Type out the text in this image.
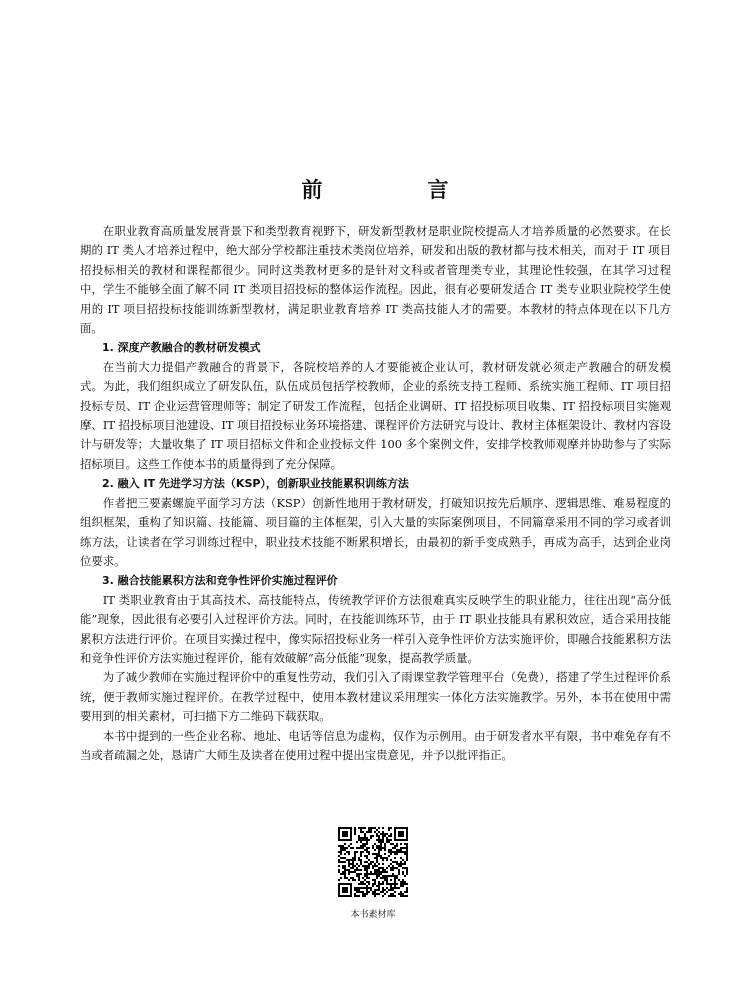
前　言

在职业教育高质量发展背景下和类型教育视野下，研发新型教材是职业院校提高人才培养质量的必然要求。在长期的 IT 类人才培养过程中，绝大部分学校都注重技术类岗位培养，研发和出版的教材都与技术相关，而对于 IT 项目招投标相关的教材和课程都很少。同时这类教材更多的是针对文科或者管理类专业，其理论性较强，在其学习过程中，学生不能够全面了解不同 IT 类项目招投标的整体运作流程。因此，很有必要研发适合 IT 类专业职业院校学生使用的 IT 项目招投标技能训练新型教材，满足职业教育培养 IT 类高技能人才的需要。本教材的特点体现在以下几方面。

1. 深度产教融合的教材研发模式

在当前大力提倡产教融合的背景下，各院校培养的人才要能被企业认可，教材研发就必须走产教融合的研发模式。为此，我们组织成立了研发队伍，队伍成员包括学校教师，企业的系统支持工程师、系统实施工程师、IT 项目招投标专员、IT 企业运营管理师等；制定了研发工作流程，包括企业调研、IT 招投标项目收集、IT 招投标项目实施观摩、IT 招投标项目池建设、IT 项目招投标业务环境搭建、课程评价方法研究与设计、教材主体框架设计、教材内容设计与研发等；大量收集了 IT 项目招标文件和企业投标文件 100 多个案例文件，安排学校教师观摩并协助参与了实际招标项目。这些工作使本书的质量得到了充分保障。

2. 融入 IT 先进学习方法（KSP），创新职业技能累积训练方法

作者把三要素螺旋平面学习方法（KSP）创新性地用于教材研发，打破知识按先后顺序、逻辑思维、难易程度的组织框架，重构了知识篇、技能篇、项目篇的主体框架，引入大量的实际案例项目，不同篇章采用不同的学习或者训练方法，让读者在学习训练过程中，职业技术技能不断累积增长，由最初的新手变成熟手，再成为高手，达到企业岗位要求。

3. 融合技能累积方法和竞争性评价实施过程评价

IT 类职业教育由于其高技术、高技能特点，传统教学评价方法很难真实反映学生的职业能力，往往出现“高分低能”现象，因此很有必要引入过程评价方法。同时，在技能训练环节，由于 IT 职业技能具有累积效应，适合采用技能累积方法进行评价。在项目实操过程中，像实际招投标业务一样引入竞争性评价方法实施评价，即融合技能累积方法和竞争性评价方法实施过程评价，能有效破解“高分低能”现象，提高教学质量。

为了减少教师在实施过程评价中的重复性劳动，我们引入了雨课堂教学管理平台（免费），搭建了学生过程评价系统，便于教师实施过程评价。在教学过程中，使用本教材建议采用理实一体化方法实施教学。另外，本书在使用中需要用到的相关素材，可扫描下方二维码下载获取。

本书中提到的一些企业名称、地址、电话等信息为虚构，仅作为示例用。由于研发者水平有限，书中难免存有不当或者疏漏之处，恳请广大师生及读者在使用过程中提出宝贵意见，并予以批评指正。

本书素材库
